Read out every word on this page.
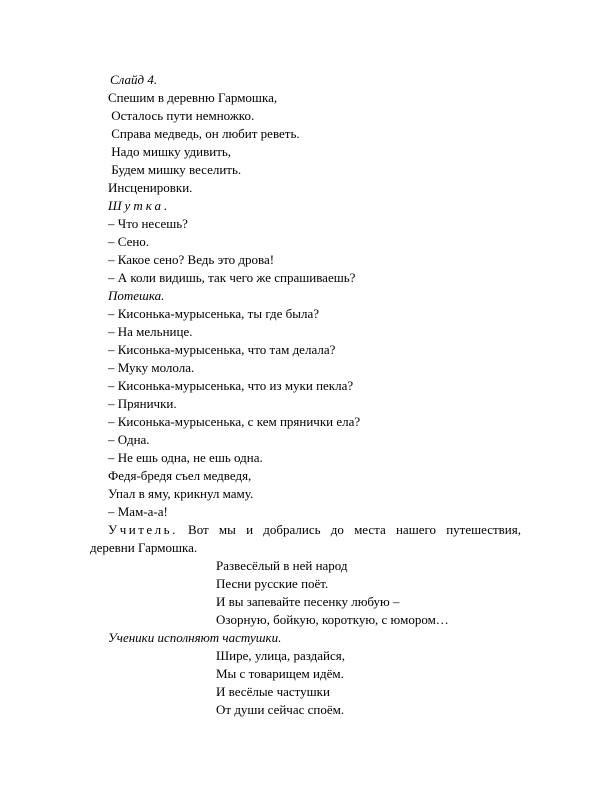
Слайд 4.
Спешим в деревню Гармошка,
Осталось пути немножко.
Справа медведь, он любит реветь.
Надо мишку удивить,
Будем мишку веселить.
Инсценировки.
Шутка.
– Что несешь?
– Сено.
– Какое сено? Ведь это дрова!
– А коли видишь, так чего же спрашиваешь?
Потешка.
– Кисонька-мурысенька, ты где была?
– На мельнице.
– Кисонька-мурысенька, что там делала?
– Муку молола.
– Кисонька-мурысенька, что из муки пекла?
– Прянички.
– Кисонька-мурысенька, с кем прянички ела?
– Одна.
– Не ешь одна, не ешь одна.
Федя-бредя съел медведя,
Упал в яму, крикнул маму.
– Мам-а-а!
Учитель. Вот мы и добрались до места нашего путешествия,
деревни Гармошка.
Развесёлый в ней народ
Песни русские поёт.
И вы запевайте песенку любую –
Озорную, бойкую, короткую, с юмором…
Ученики исполняют частушки.
Шире, улица, раздайся,
Мы с товарищем идём.
И весёлые частушки
От души сейчас споём.
